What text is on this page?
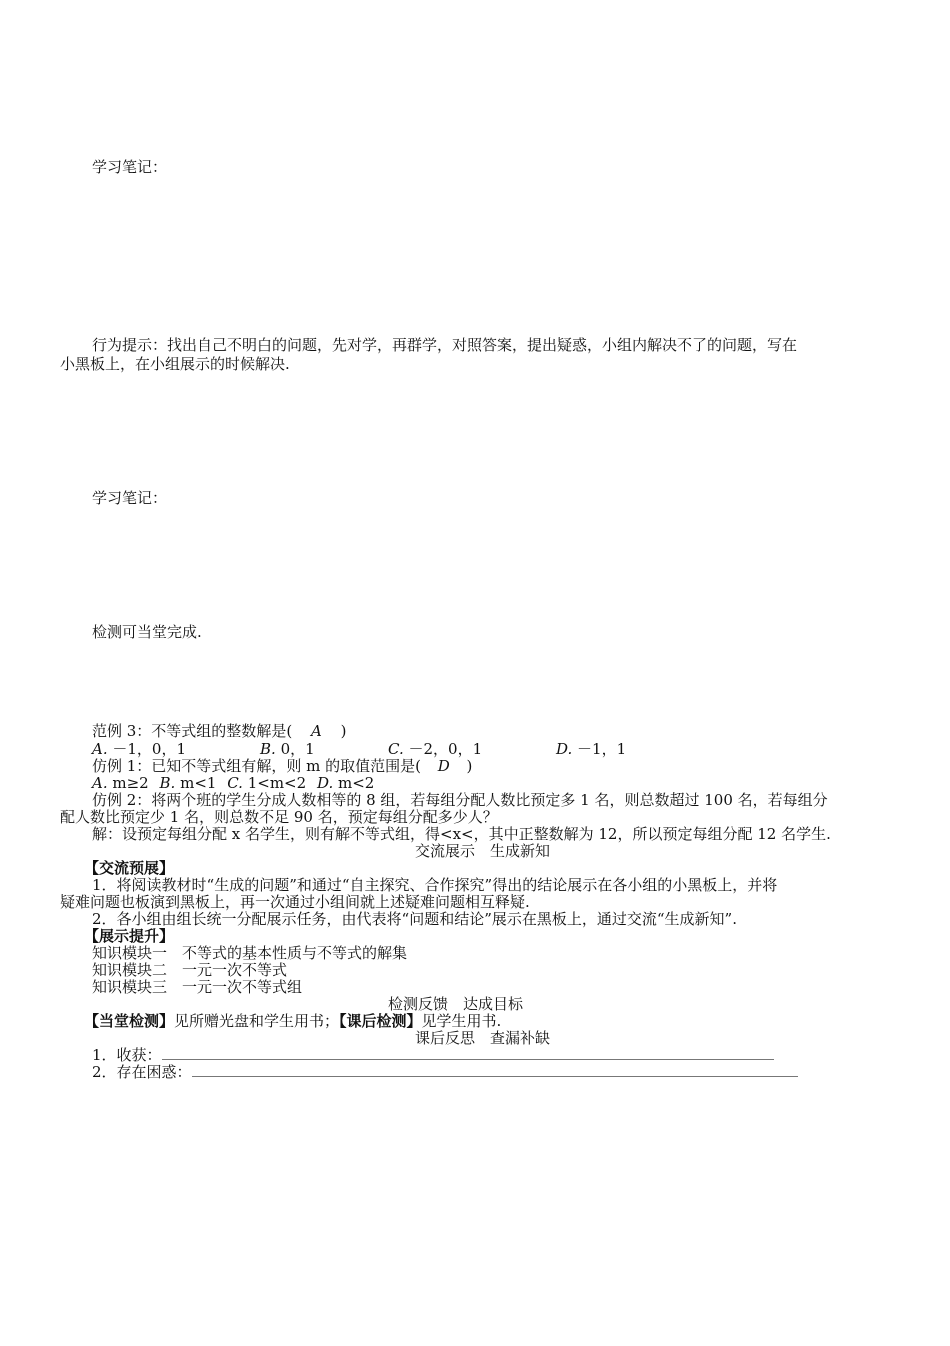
学习笔记：
行为提示：找出自己不明白的问题，先对学，再群学，对照答案，提出疑惑，小组内解决不了的问题，写在
小黑板上，在小组展示的时候解决.
学习笔记：
检测可当堂完成.
范例 3：不等式组的整数解是( A )
A. －1，0，1	B. 0，1	C. －2，0，1	D. －1，1
仿例 1：已知不等式组有解，则 m 的取值范围是( D )
A. m≥2 B. m<1 C. 1<m<2 D. m<2
仿例 2：将两个班的学生分成人数相等的 8 组，若每组分配人数比预定多 1 名，则总数超过 100 名，若每组分
配人数比预定少 1 名，则总数不足 90 名，预定每组分配多少人？
解：设预定每组分配 x 名学生，则有解不等式组，得<x<，其中正整数解为 12，所以预定每组分配 12 名学生.
交流展示　生成新知
【交流预展】
1．将阅读教材时“生成的问题”和通过“自主探究、合作探究”得出的结论展示在各小组的小黑板上，并将
疑难问题也板演到黑板上，再一次通过小组间就上述疑难问题相互释疑.
2．各小组由组长统一分配展示任务，由代表将“问题和结论”展示在黑板上，通过交流“生成新知”.
【展示提升】
知识模块一　不等式的基本性质与不等式的解集
知识模块二　一元一次不等式
知识模块三　一元一次不等式组
检测反馈　达成目标
【当堂检测】见所赠光盘和学生用书；【课后检测】见学生用书.
课后反思　查漏补缺
1．收获：
2．存在困惑：
